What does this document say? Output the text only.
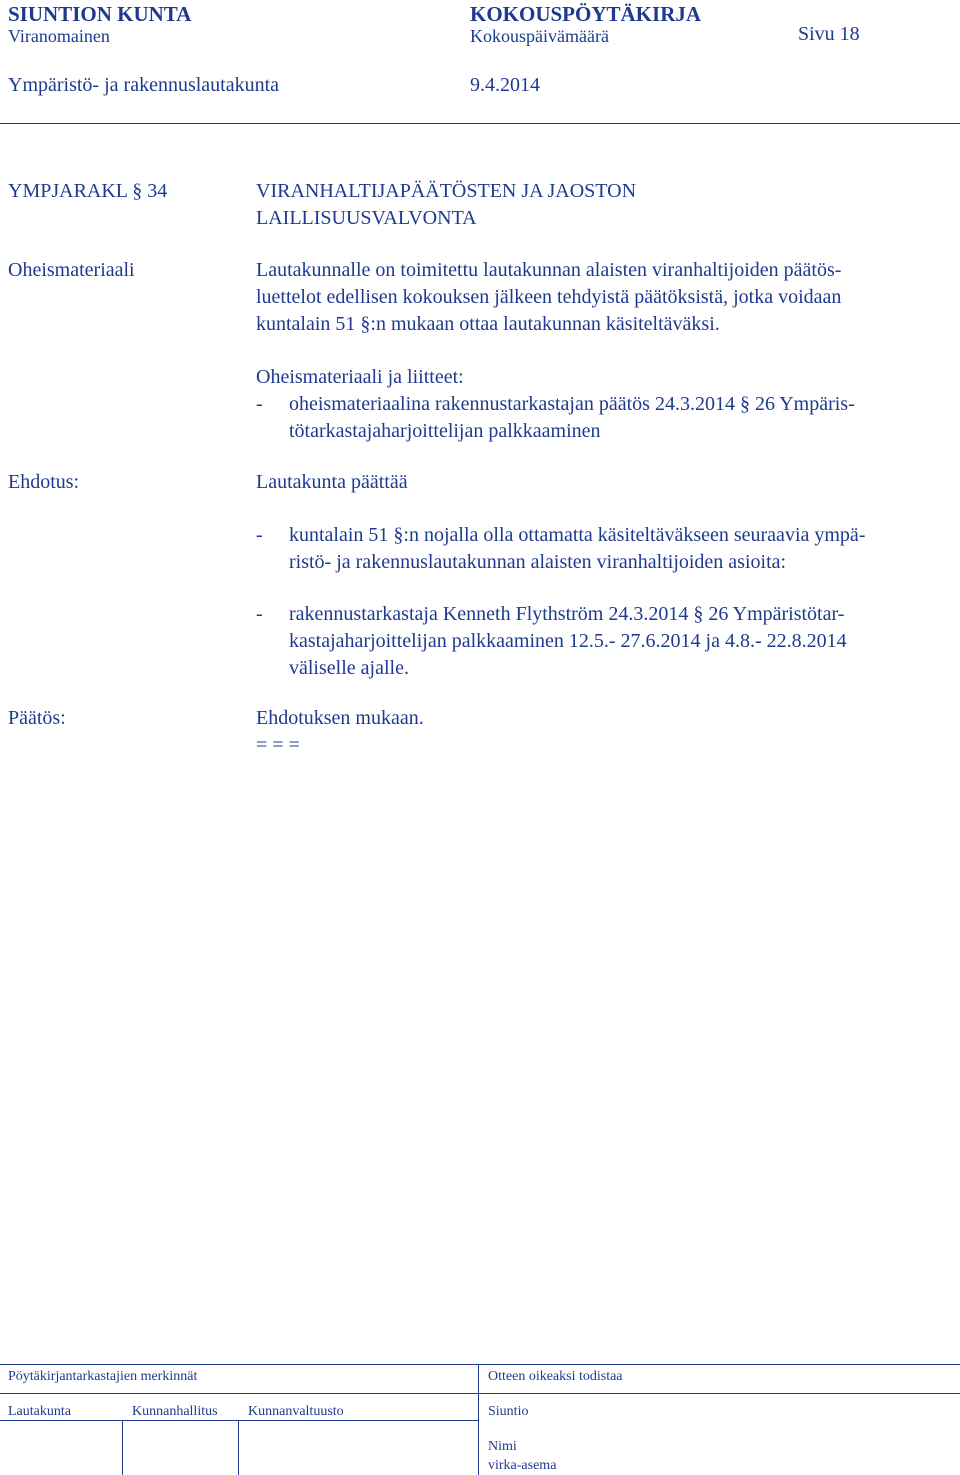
SIUNTION KUNTA	KOKOUSPÖYTÄKIRJA
Viranomainen	Kokouspäivämäärä	Sivu 18
Ympäristö- ja rakennuslautakunta	9.4.2014
YMPJARAKL § 34	VIRANHALTIJAPÄÄTÖSTEN JA JAOSTON
LAILLISUUSVALVONTA
Oheismateriaali	Lautakunnalle on toimitettu lautakunnan alaisten viranhaltijoiden päätös-
luettelot edellisen kokouksen jälkeen tehdyistä päätöksistä, jotka voidaan
kuntalain 51 §:n mukaan ottaa lautakunnan käsiteltäväksi.
Oheismateriaali ja liitteet:
- oheismateriaalina rakennustarkastajan päätös 24.3.2014 § 26 Ympäris-
tötarkastajaharjoittelijan palkkaaminen
Ehdotus:	Lautakunta päättää
- kuntalain 51 §:n nojalla olla ottamatta käsiteltäväkseen seuraavia ympä-
ristö- ja rakennuslautakunnan alaisten viranhaltijoiden asioita:
- rakennustarkastaja Kenneth Flythström 24.3.2014 § 26 Ympäristötar-
kastajaharjoittelijan palkkaaminen 12.5.- 27.6.2014 ja 4.8.- 22.8.2014
väliselle ajalle.
Päätös:	Ehdotuksen mukaan.
= = =
Pöytäkirjantarkastajien merkinnät	Otteen oikeaksi todistaa
Lautakunta	Kunnanhallitus Kunnanvaltuusto	Siuntio
Nimi
virka-asema
